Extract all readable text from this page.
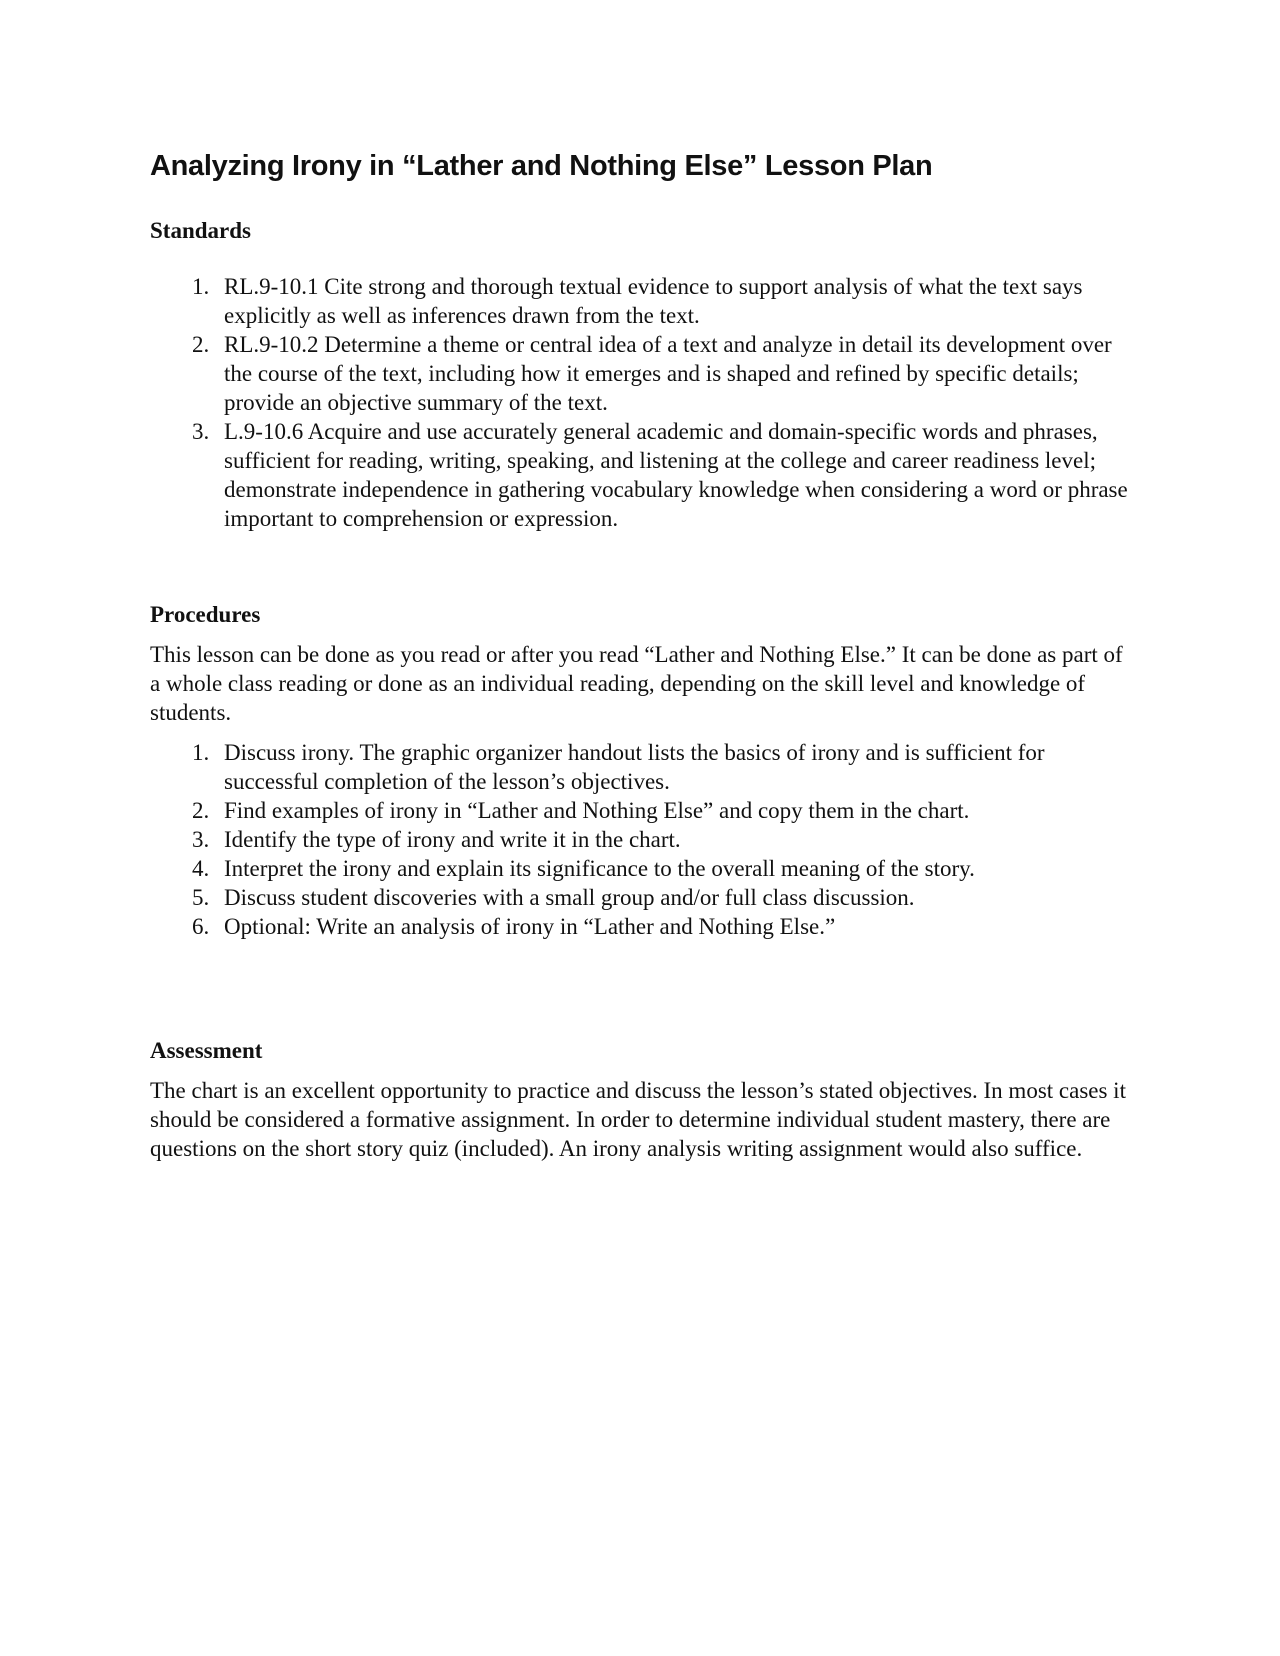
Analyzing Irony in “Lather and Nothing Else” Lesson Plan
Standards
1. RL.9-10.1 Cite strong and thorough textual evidence to support analysis of what the text says explicitly as well as inferences drawn from the text.
2. RL.9-10.2 Determine a theme or central idea of a text and analyze in detail its development over the course of the text, including how it emerges and is shaped and refined by specific details; provide an objective summary of the text.
3. L.9-10.6 Acquire and use accurately general academic and domain-specific words and phrases, sufficient for reading, writing, speaking, and listening at the college and career readiness level; demonstrate independence in gathering vocabulary knowledge when considering a word or phrase important to comprehension or expression.
Procedures

This lesson can be done as you read or after you read “Lather and Nothing Else.” It can be done as part of a whole class reading or done as an individual reading, depending on the skill level and knowledge of students.

1. Discuss irony. The graphic organizer handout lists the basics of irony and is sufficient for successful completion of the lesson’s objectives.
2. Find examples of irony in “Lather and Nothing Else” and copy them in the chart.
3. Identify the type of irony and write it in the chart.
4. Interpret the irony and explain its significance to the overall meaning of the story.
5. Discuss student discoveries with a small group and/or full class discussion.
6. Optional: Write an analysis of irony in “Lather and Nothing Else.”
Assessment

The chart is an excellent opportunity to practice and discuss the lesson’s stated objectives. In most cases it should be considered a formative assignment. In order to determine individual student mastery, there are questions on the short story quiz (included). An irony analysis writing assignment would also suffice.
